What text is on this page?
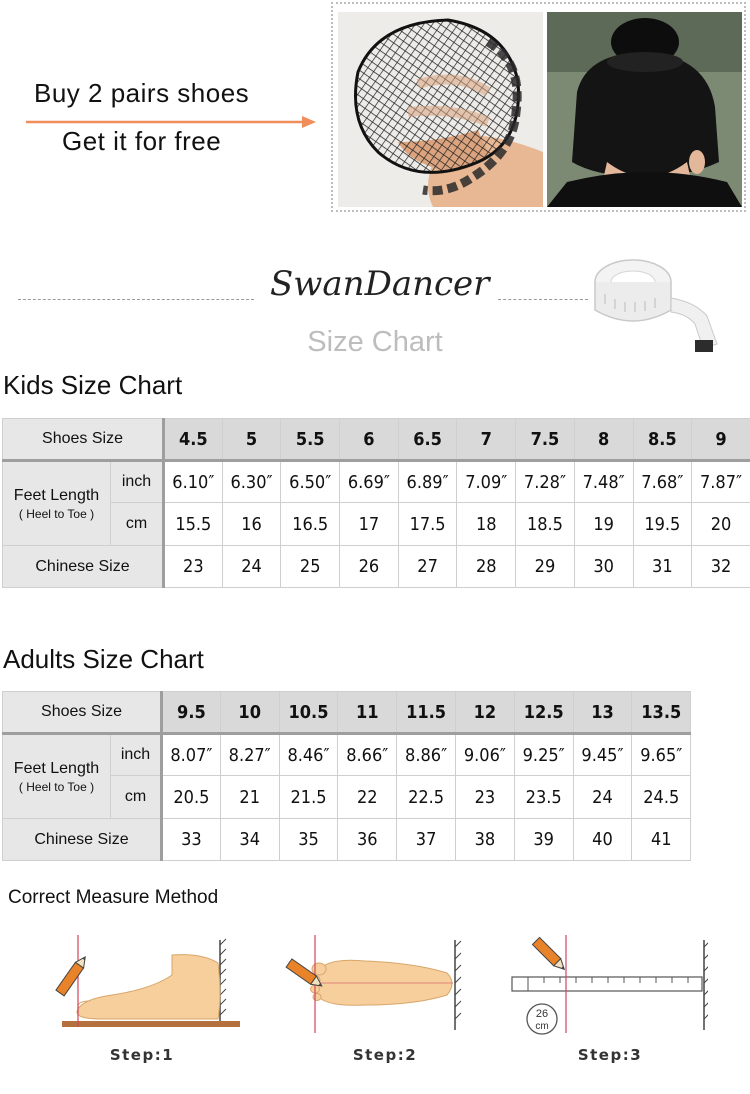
Buy 2 pairs shoes
Get it for free
SwanDancer
Size Chart
Kids Size Chart
Shoes Size		4.5	5	5.5	6	6.5	7	7.5	8	8.5	9

Feet Length
( Heel to Toe )	inch	6.10″	6.30″	6.50″	6.69″	6.89″	7.09″	7.28″	7.48″	7.68″	7.87″
	cm	15.5	16	16.5	17	17.5	18	18.5	19	19.5	20
Chinese Size		23	24	25	26	27	28	29	30	31	32
Adults Size Chart
Shoes Size		9.5	10	10.5	11	11.5	12	12.5	13	13.5

Feet Length
( Heel to Toe )	inch	8.07″	8.27″	8.46″	8.66″	8.86″	9.06″	9.25″	9.45″	9.65″
	cm	20.5	21	21.5	22	22.5	23	23.5	24	24.5
Chinese Size		33	34	35	36	37	38	39	40	41
Correct Measure Method
26
cm
Step:1	Step:2	Step:3
